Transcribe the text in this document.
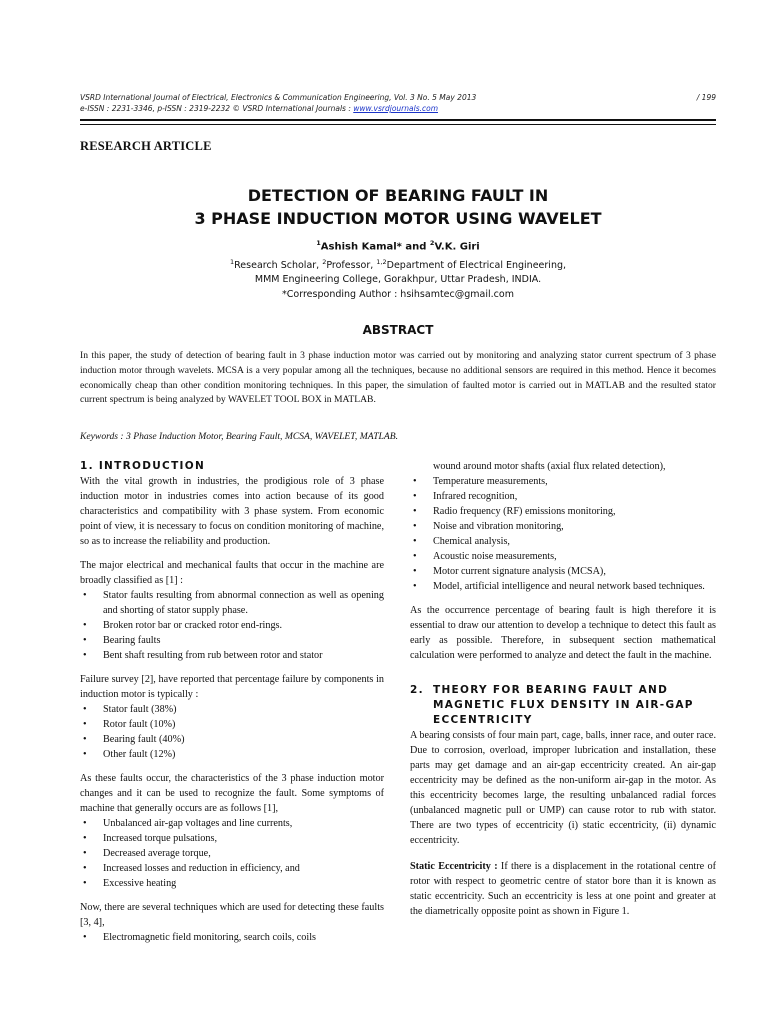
VSRD International Journal of Electrical, Electronics & Communication Engineering, Vol. 3 No. 5 May 2013	/ 199
e-ISSN : 2231-3346, p-ISSN : 2319-2232 © VSRD International Journals : www.vsrdjournals.com
RESEARCH ARTICLE
DETECTION OF BEARING FAULT IN
3 PHASE INDUCTION MOTOR USING WAVELET
$^1$Ashish Kamal* and $^2$V.K. Giri
$^1$Research Scholar, $^2$Professor, $^{1,2}$Department of Electrical Engineering,
MMM Engineering College, Gorakhpur, Uttar Pradesh, INDIA.
*Corresponding Author : hsihsamtec@gmail.com
ABSTRACT
In this paper, the study of detection of bearing fault in 3 phase induction motor was carried out by monitoring and analyzing stator current spectrum of 3 phase induction motor through wavelets. MCSA is a very popular among all the techniques, because no additional sensors are required in this method. Hence it becomes economically cheap than other condition monitoring techniques. In this paper, the simulation of faulted motor is carried out in MATLAB and the resulted stator current spectrum is being analyzed by WAVELET TOOL BOX in MATLAB.
Keywords : 3 Phase Induction Motor, Bearing Fault, MCSA, WAVELET, MATLAB.
1. INTRODUCTION

With the vital growth in industries, the prodigious role of 3 phase induction motor in industries comes into action because of its good characteristics and compatibility with 3 phase system. From economic point of view, it is necessary to focus on condition monitoring of machine, so as to increase the reliability and production.

The major electrical and mechanical faults that occur in the machine are broadly classified as [1] :

• Stator faults resulting from abnormal connection as well as opening and shorting of stator supply phase.
• Broken rotor bar or cracked rotor end-rings.
• Bearing faults
• Bent shaft resulting from rub between rotor and stator

Failure survey [2], have reported that percentage failure by components in induction motor is typically :

• Stator fault (38%)
• Rotor fault (10%)
• Bearing fault (40%)
• Other fault (12%)

As these faults occur, the characteristics of the 3 phase induction motor changes and it can be used to recognize the fault. Some symptoms of machine that generally occurs are as follows [1],

• Unbalanced air-gap voltages and line currents,
• Increased torque pulsations,
• Decreased average torque,
• Increased losses and reduction in efficiency, and
• Excessive heating

Now, there are several techniques which are used for detecting these faults [3, 4],

• Electromagnetic field monitoring, search coils, coils
wound around motor shafts (axial flux related detection),
• Temperature measurements,
• Infrared recognition,
• Radio frequency (RF) emissions monitoring,
• Noise and vibration monitoring,
• Chemical analysis,
• Acoustic noise measurements,
• Motor current signature analysis (MCSA),
• Model, artificial intelligence and neural network based techniques.

As the occurrence percentage of bearing fault is high therefore it is essential to draw our attention to develop a technique to detect this fault as early as possible. Therefore, in subsequent section mathematical calculation were performed to analyze and detect the fault in the machine.

2. THEORY FOR BEARING FAULT AND MAGNETIC FLUX DENSITY IN AIR-GAP ECCENTRICITY

A bearing consists of four main part, cage, balls, inner race, and outer race. Due to corrosion, overload, improper lubrication and installation, these parts may get damage and an air-gap eccentricity created. An air-gap eccentricity may be defined as the non-uniform air-gap in the motor. As this eccentricity becomes large, the resulting unbalanced radial forces (unbalanced magnetic pull or UMP) can cause rotor to rub with stator. There are two types of eccentricity (i) static eccentricity, (ii) dynamic eccentricity.

Static Eccentricity : If there is a displacement in the rotational centre of rotor with respect to geometric centre of stator bore than it is known as static eccentricity. Such an eccentricity is less at one point and greater at the diametrically opposite point as shown in Figure 1.
